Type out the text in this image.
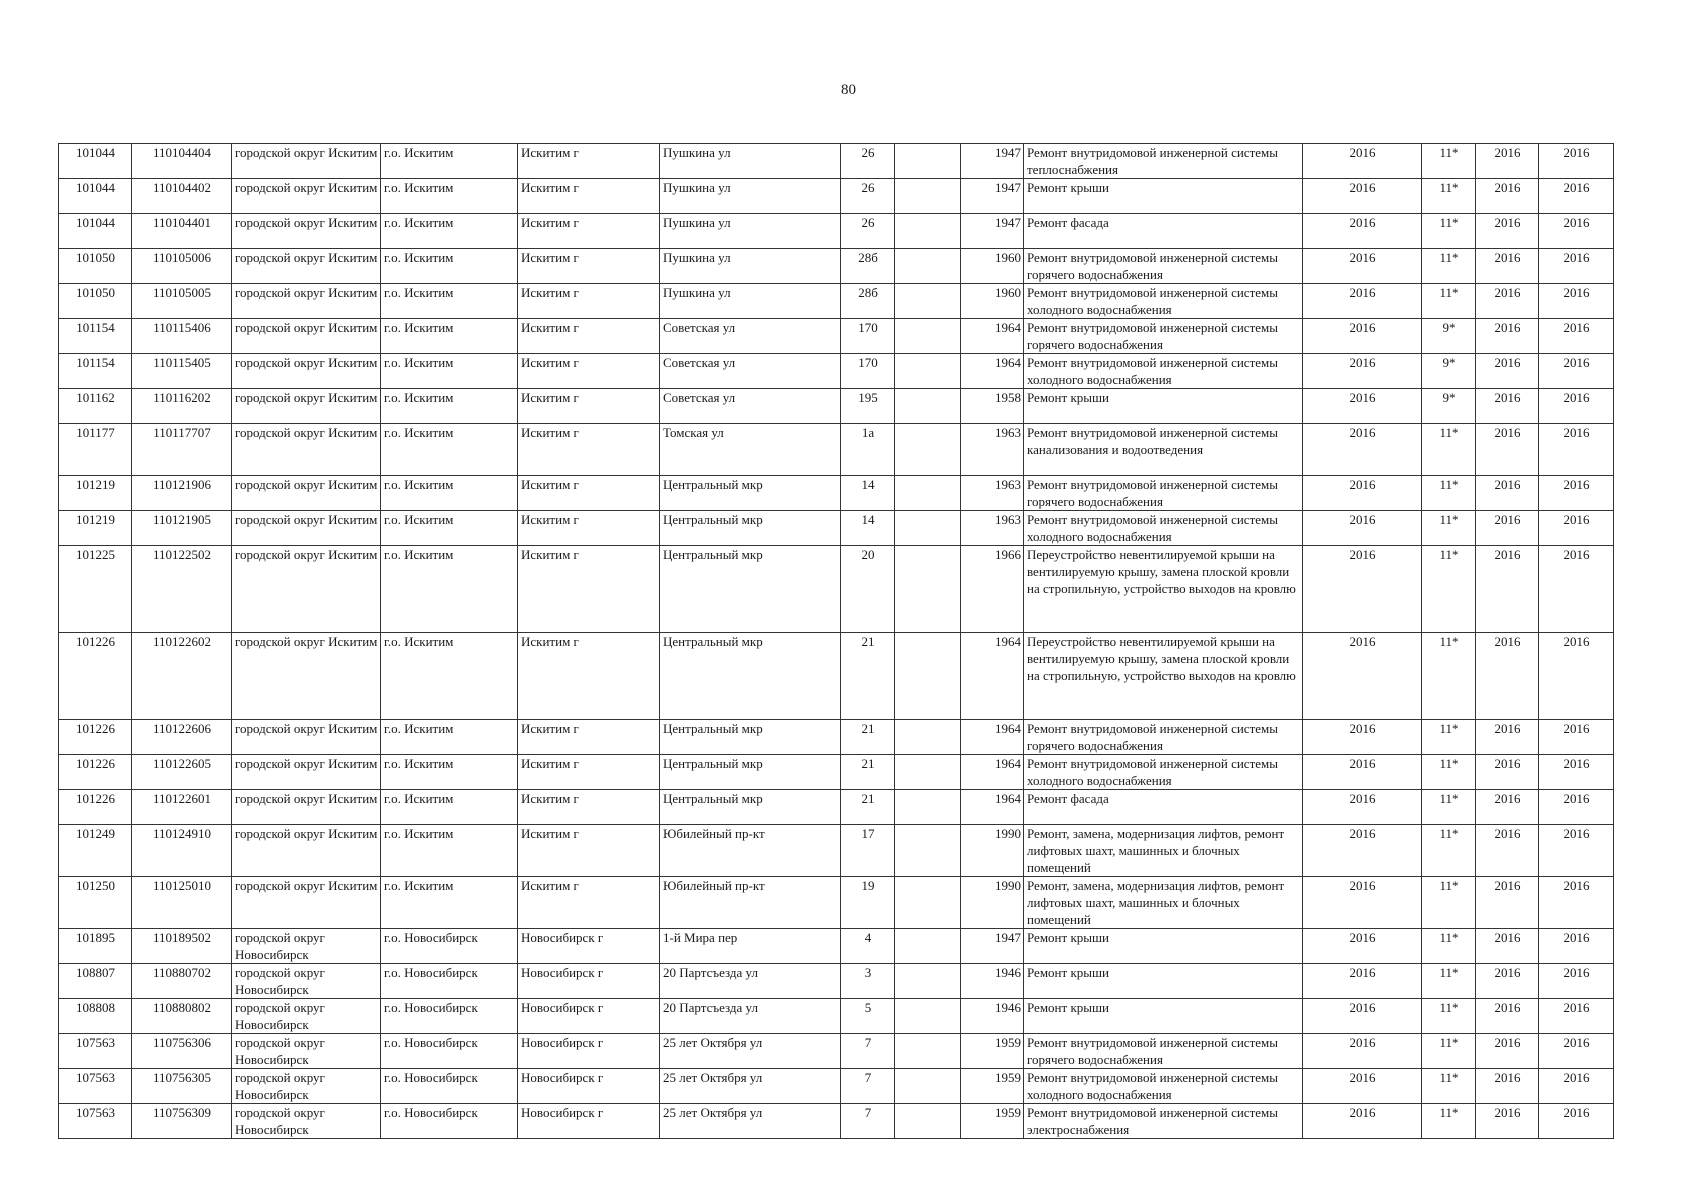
80
101044	110104404	городской округ Искитим	г.о. Искитим	Искитим г	Пушкина ул	26		1947	Ремонт внутридомовой инженерной системы теплоснабжения	2016	11*	2016	2016
101044	110104402	городской округ Искитим	г.о. Искитим	Искитим г	Пушкина ул	26		1947	Ремонт крыши	2016	11*	2016	2016
101044	110104401	городской округ Искитим	г.о. Искитим	Искитим г	Пушкина ул	26		1947	Ремонт фасада	2016	11*	2016	2016
101050	110105006	городской округ Искитим	г.о. Искитим	Искитим г	Пушкина ул	28б		1960	Ремонт внутридомовой инженерной системы горячего водоснабжения	2016	11*	2016	2016
101050	110105005	городской округ Искитим	г.о. Искитим	Искитим г	Пушкина ул	28б		1960	Ремонт внутридомовой инженерной системы холодного водоснабжения	2016	11*	2016	2016
101154	110115406	городской округ Искитим	г.о. Искитим	Искитим г	Советская ул	170		1964	Ремонт внутридомовой инженерной системы горячего водоснабжения	2016	9*	2016	2016
101154	110115405	городской округ Искитим	г.о. Искитим	Искитим г	Советская ул	170		1964	Ремонт внутридомовой инженерной системы холодного водоснабжения	2016	9*	2016	2016
101162	110116202	городской округ Искитим	г.о. Искитим	Искитим г	Советская ул	195		1958	Ремонт крыши	2016	9*	2016	2016
101177	110117707	городской округ Искитим	г.о. Искитим	Искитим г	Томская ул	1а		1963	Ремонт внутридомовой инженерной системы канализования и водоотведения	2016	11*	2016	2016
101219	110121906	городской округ Искитим	г.о. Искитим	Искитим г	Центральный мкр	14		1963	Ремонт внутридомовой инженерной системы горячего водоснабжения	2016	11*	2016	2016
101219	110121905	городской округ Искитим	г.о. Искитим	Искитим г	Центральный мкр	14		1963	Ремонт внутридомовой инженерной системы холодного водоснабжения	2016	11*	2016	2016
101225	110122502	городской округ Искитим	г.о. Искитим	Искитим г	Центральный мкр	20		1966	Переустройство невентилируемой крыши на вентилируемую крышу, замена плоской кровли на стропильную, устройство выходов на кровлю	2016	11*	2016	2016
101226	110122602	городской округ Искитим	г.о. Искитим	Искитим г	Центральный мкр	21		1964	Переустройство невентилируемой крыши на вентилируемую крышу, замена плоской кровли на стропильную, устройство выходов на кровлю	2016	11*	2016	2016
101226	110122606	городской округ Искитим	г.о. Искитим	Искитим г	Центральный мкр	21		1964	Ремонт внутридомовой инженерной системы горячего водоснабжения	2016	11*	2016	2016
101226	110122605	городской округ Искитим	г.о. Искитим	Искитим г	Центральный мкр	21		1964	Ремонт внутридомовой инженерной системы холодного водоснабжения	2016	11*	2016	2016
101226	110122601	городской округ Искитим	г.о. Искитим	Искитим г	Центральный мкр	21		1964	Ремонт фасада	2016	11*	2016	2016
101249	110124910	городской округ Искитим	г.о. Искитим	Искитим г	Юбилейный пр-кт	17		1990	Ремонт, замена, модернизация лифтов, ремонт лифтовых шахт, машинных и блочных помещений	2016	11*	2016	2016
101250	110125010	городской округ Искитим	г.о. Искитим	Искитим г	Юбилейный пр-кт	19		1990	Ремонт, замена, модернизация лифтов, ремонт лифтовых шахт, машинных и блочных помещений	2016	11*	2016	2016
101895	110189502	городской округ Новосибирск	г.о. Новосибирск	Новосибирск г	1-й Мира пер	4		1947	Ремонт крыши	2016	11*	2016	2016
108807	110880702	городской округ Новосибирск	г.о. Новосибирск	Новосибирск г	20 Партсъезда ул	3		1946	Ремонт крыши	2016	11*	2016	2016
108808	110880802	городской округ Новосибирск	г.о. Новосибирск	Новосибирск г	20 Партсъезда ул	5		1946	Ремонт крыши	2016	11*	2016	2016
107563	110756306	городской округ Новосибирск	г.о. Новосибирск	Новосибирск г	25 лет Октября ул	7		1959	Ремонт внутридомовой инженерной системы горячего водоснабжения	2016	11*	2016	2016
107563	110756305	городской округ Новосибирск	г.о. Новосибирск	Новосибирск г	25 лет Октября ул	7		1959	Ремонт внутридомовой инженерной системы холодного водоснабжения	2016	11*	2016	2016
107563	110756309	городской округ Новосибирск	г.о. Новосибирск	Новосибирск г	25 лет Октября ул	7		1959	Ремонт внутридомовой инженерной системы электроснабжения	2016	11*	2016	2016
